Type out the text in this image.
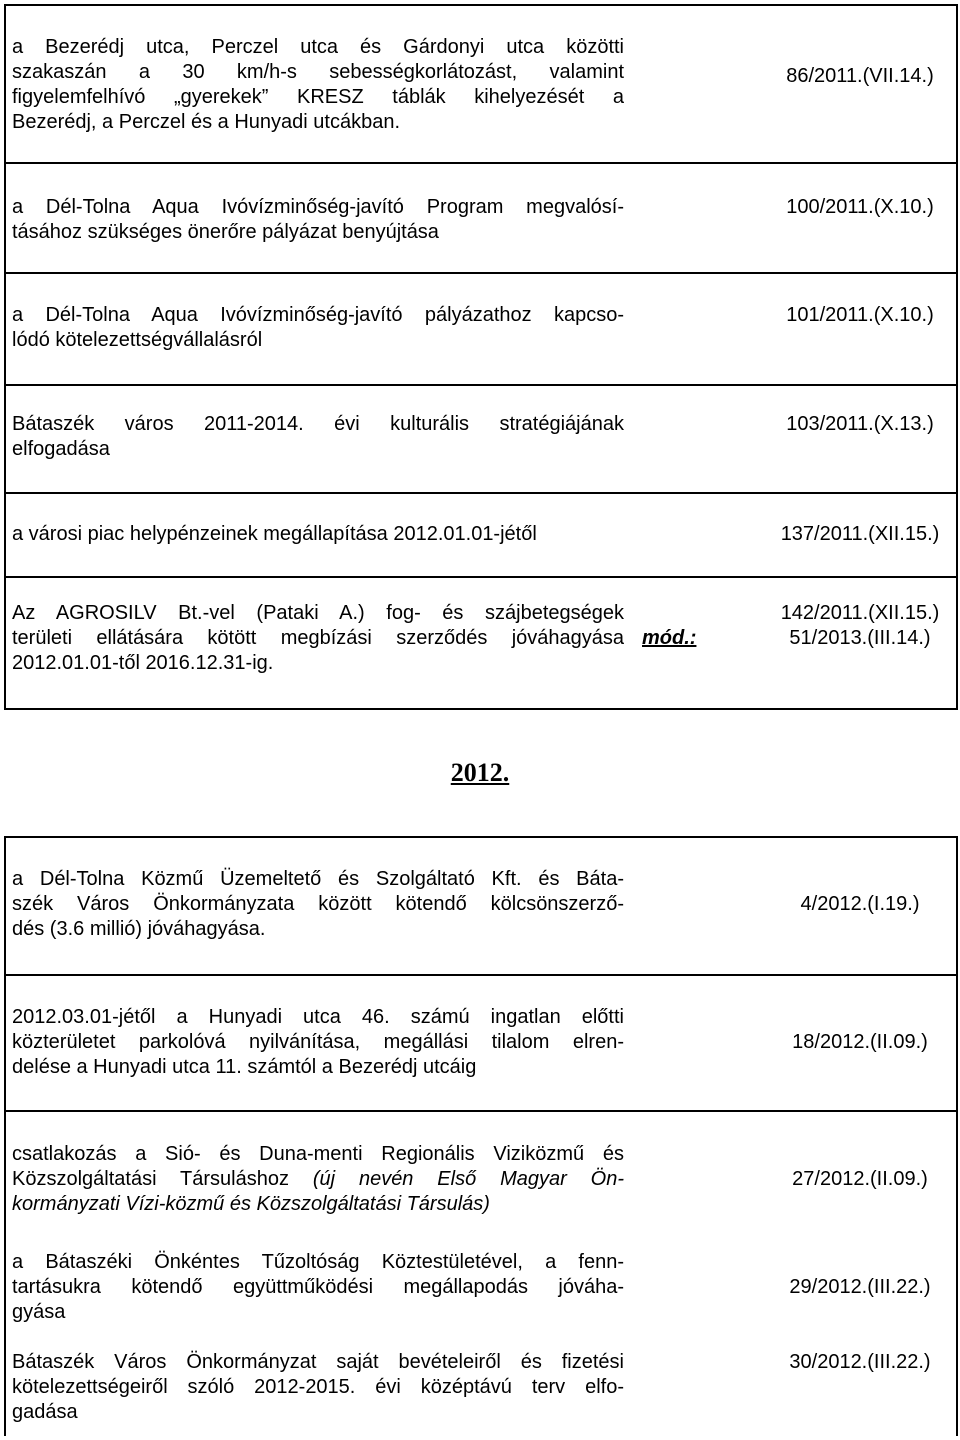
a Bezerédj utca, Perczel utca és Gárdonyi utca közötti
szakaszán a 30 km/h-s sebességkorlátozást, valamint
figyelemfelhívó „gyerekek” KRESZ táblák kihelyezését a
Bezerédj, a Perczel és a Hunyadi utcákban.
86/2011.(VII.14.)
a Dél-Tolna Aqua Ivóvízminőség-javító Program megvalósí-
tásához szükséges önerőre pályázat benyújtása
100/2011.(X.10.)
a Dél-Tolna Aqua Ivóvízminőség-javító pályázathoz kapcso-
lódó kötelezettségvállalásról
101/2011.(X.10.)
Bátaszék város 2011-2014. évi kulturális stratégiájának
elfogadása
103/2011.(X.13.)
a városi piac helypénzeinek megállapítása 2012.01.01-jétől	137/2011.(XII.15.)
Az AGROSILV Bt.-vel (Pataki A.) fog- és szájbetegségek
területi ellátására kötött megbízási szerződés jóváhagyása
2012.01.01-től 2016.12.31-ig.
mód.:
142/2011.(XII.15.)
51/2013.(III.14.)
2012.
a Dél-Tolna Közmű Üzemeltető és Szolgáltató Kft. és Báta-
szék Város Önkormányzata között kötendő kölcsönszerző-
dés (3.6 millió) jóváhagyása.
4/2012.(I.19.)
2012.03.01-jétől a Hunyadi utca 46. számú ingatlan előtti
közterületet parkolóvá nyilvánítása, megállási tilalom elren-
delése a Hunyadi utca 11. számtól a Bezerédj utcáig
18/2012.(II.09.)
csatlakozás a Sió- és Duna-menti Regionális Viziközmű és
Közszolgáltatási Társuláshoz (új nevén Első Magyar Ön-
kormányzati Vízi-közmű és Közszolgáltatási Társulás)
27/2012.(II.09.)
a Bátaszéki Önkéntes Tűzoltóság Köztestületével, a fenn-
tartásukra kötendő együttműködési megállapodás jóváha-
gyása
29/2012.(III.22.)
Bátaszék Város Önkormányzat saját bevételeiről és fizetési
kötelezettségeiről szóló 2012-2015. évi középtávú terv elfo-
gadása
30/2012.(III.22.)
